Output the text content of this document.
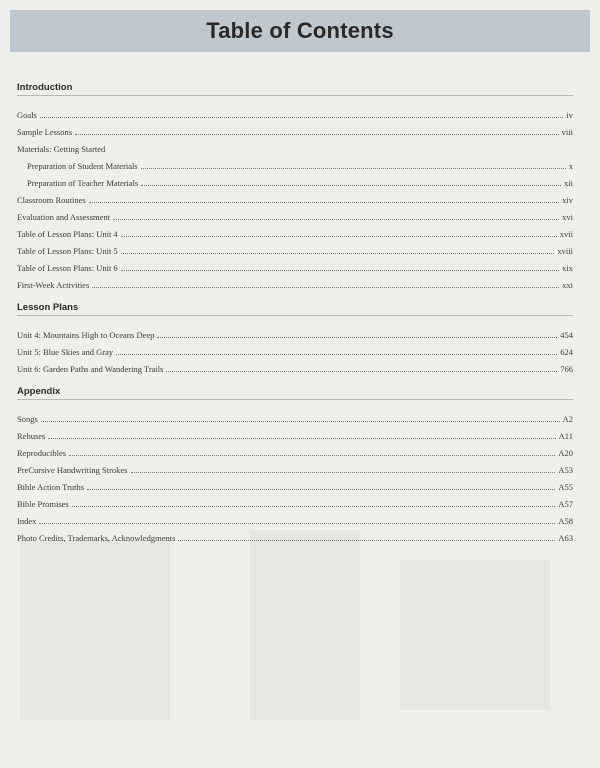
Table of Contents
Introduction
Goals	iv
Sample Lessons	viii
Materials: Getting Started
Preparation of Student Materials	x
Preparation of Teacher Materials	xii
Classroom Routines	xiv
Evaluation and Assessment	xvi
Table of Lesson Plans: Unit 4	xvii
Table of Lesson Plans: Unit 5	xviii
Table of Lesson Plans: Unit 6	xix
First-Week Activities	xxi
Lesson Plans
Unit 4: Mountains High to Oceans Deep	454
Unit 5: Blue Skies and Gray	624
Unit 6: Garden Paths and Wandering Trails	766
Appendix
Songs	A2
Rebuses	A11
Reproducibles	A20
PreCursive Handwriting Strokes	A53
Bible Action Truths	A55
Bible Promises	A57
Index	A58
Photo Credits, Trademarks, Acknowledgments	A63
